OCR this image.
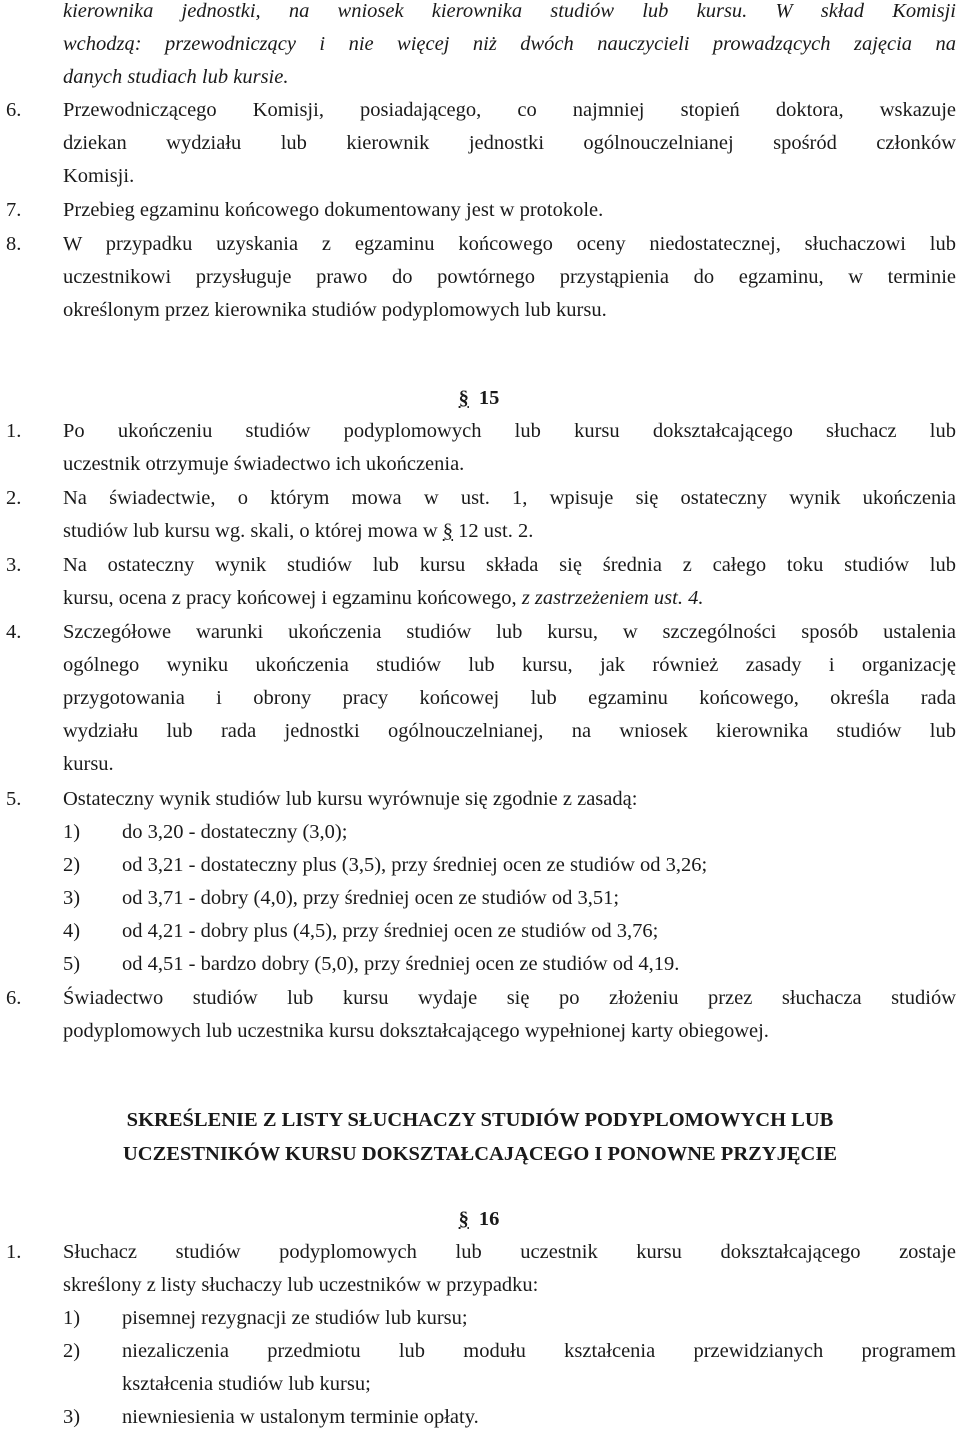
kierownika jednostki, na wniosek kierownika studiów lub kursu. W skład Komisji
wchodzą: przewodniczący i nie więcej niż dwóch nauczycieli prowadzących zajęcia na
danych studiach lub kursie.
6. Przewodniczącego Komisji, posiadającego, co najmniej stopień doktora, wskazuje
dziekan wydziału lub kierownik jednostki ogólnouczelnianej spośród członków
Komisji.
7. Przebieg egzaminu końcowego dokumentowany jest w protokole.
8. W przypadku uzyskania z egzaminu końcowego oceny niedostatecznej, słuchaczowi lub
uczestnikowi przysługuje prawo do powtórnego przystąpienia do egzaminu, w terminie
określonym przez kierownika studiów podyplomowych lub kursu.
§ 15
1. Po ukończeniu studiów podyplomowych lub kursu dokształcającego słuchacz lub
uczestnik otrzymuje świadectwo ich ukończenia.
2. Na świadectwie, o którym mowa w ust. 1, wpisuje się ostateczny wynik ukończenia
studiów lub kursu wg. skali, o której mowa w § 12 ust. 2.
3. Na ostateczny wynik studiów lub kursu składa się średnia z całego toku studiów lub
kursu, ocena z pracy końcowej i egzaminu końcowego, z zastrzeżeniem ust. 4.
4. Szczegółowe warunki ukończenia studiów lub kursu, w szczególności sposób ustalenia
ogólnego wyniku ukończenia studiów lub kursu, jak również zasady i organizację
przygotowania i obrony pracy końcowej lub egzaminu końcowego, określa rada
wydziału lub rada jednostki ogólnouczelnianej, na wniosek kierownika studiów lub
kursu.
5. Ostateczny wynik studiów lub kursu wyrównuje się zgodnie z zasadą:
1) do 3,20 - dostateczny (3,0);
2) od 3,21 - dostateczny plus (3,5), przy średniej ocen ze studiów od 3,26;
3) od 3,71 - dobry (4,0), przy średniej ocen ze studiów od 3,51;
4) od 4,21 - dobry plus (4,5), przy średniej ocen ze studiów od 3,76;
5) od 4,51 - bardzo dobry (5,0), przy średniej ocen ze studiów od 4,19.
6. Świadectwo studiów lub kursu wydaje się po złożeniu przez słuchacza studiów
podyplomowych lub uczestnika kursu dokształcającego wypełnionej karty obiegowej.
SKREŚLENIE Z LISTY SŁUCHACZY STUDIÓW PODYPLOMOWYCH LUB
UCZESTNIKÓW KURSU DOKSZTAŁCAJĄCEGO I PONOWNE PRZYJĘCIE
§ 16
1. Słuchacz studiów podyplomowych lub uczestnik kursu dokształcającego zostaje
skreślony z listy słuchaczy lub uczestników w przypadku:
1) pisemnej rezygnacji ze studiów lub kursu;
2) niezaliczenia przedmiotu lub modułu kształcenia przewidzianych programem
kształcenia studiów lub kursu;
3) niewniesienia w ustalonym terminie opłaty.
